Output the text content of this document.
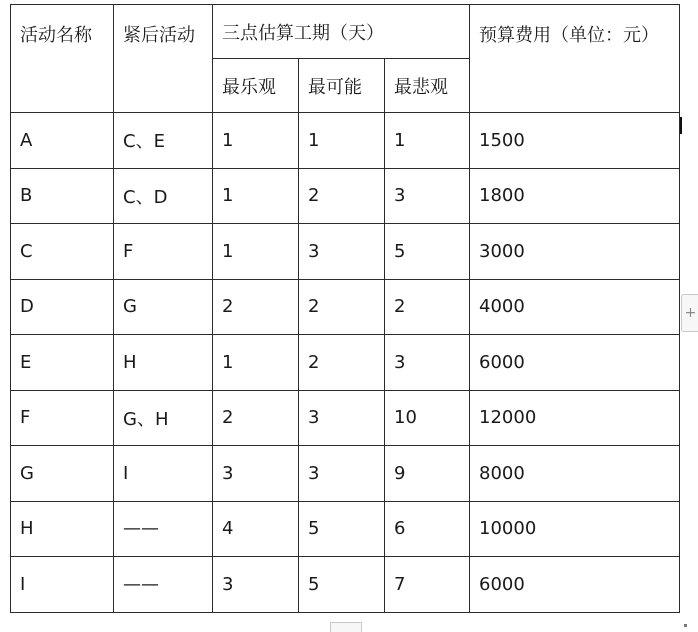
活动名称	紧后活动	三点估算工期（天）			预算费用（单位：元）
		最乐观	最可能	最悲观	
A	C、E	1	1	1	1500
B	C、D	1	2	3	1800
C	F	1	3	5	3000
D	G	2	2	2	4000
E	H	1	2	3	6000
F	G、H	2	3	10	12000
G	I	3	3	9	8000
H	——	4	5	6	10000
I	——	3	5	7	6000
+
